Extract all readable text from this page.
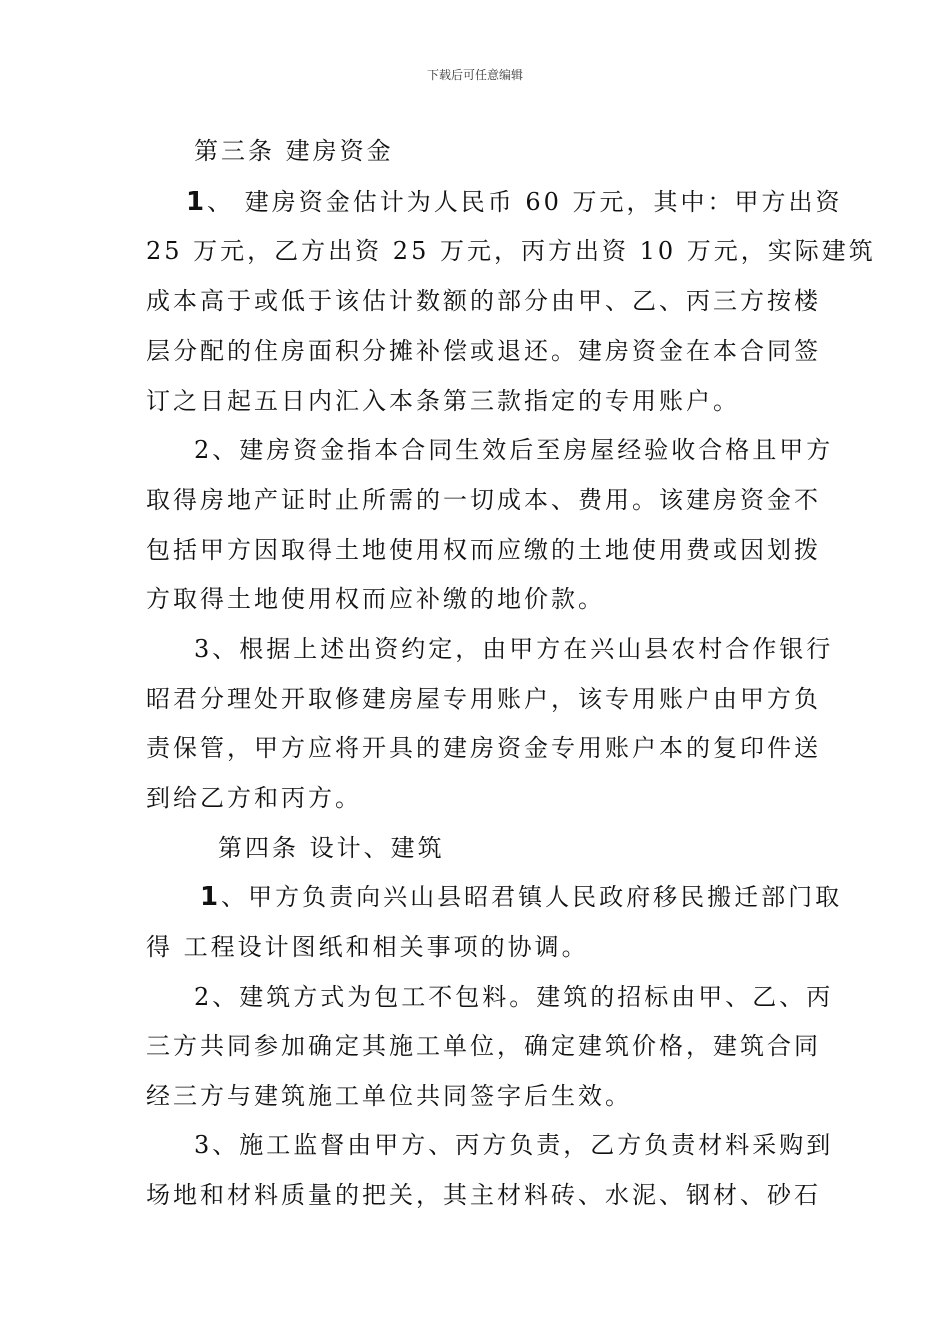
下载后可任意编辑
第三条 建房资金
1、 建房资金估计为人民币 60 万元，其中：甲方出资
25 万元，乙方出资 25 万元，丙方出资 10 万元，实际建筑
成本高于或低于该估计数额的部分由甲、乙、丙三方按楼
层分配的住房面积分摊补偿或退还。建房资金在本合同签
订之日起五日内汇入本条第三款指定的专用账户。
2、建房资金指本合同生效后至房屋经验收合格且甲方
取得房地产证时止所需的一切成本、费用。该建房资金不
包括甲方因取得土地使用权而应缴的土地使用费或因划拨
方取得土地使用权而应补缴的地价款。
3、根据上述出资约定，由甲方在兴山县农村合作银行
昭君分理处开取修建房屋专用账户，该专用账户由甲方负
责保管，甲方应将开具的建房资金专用账户本的复印件送
到给乙方和丙方。
第四条 设计、建筑
1、甲方负责向兴山县昭君镇人民政府移民搬迁部门取
得 工程设计图纸和相关事项的协调。
2、建筑方式为包工不包料。建筑的招标由甲、乙、丙
三方共同参加确定其施工单位，确定建筑价格，建筑合同
经三方与建筑施工单位共同签字后生效。
3、施工监督由甲方、丙方负责，乙方负责材料采购到
场地和材料质量的把关，其主材料砖、水泥、钢材、砂石
